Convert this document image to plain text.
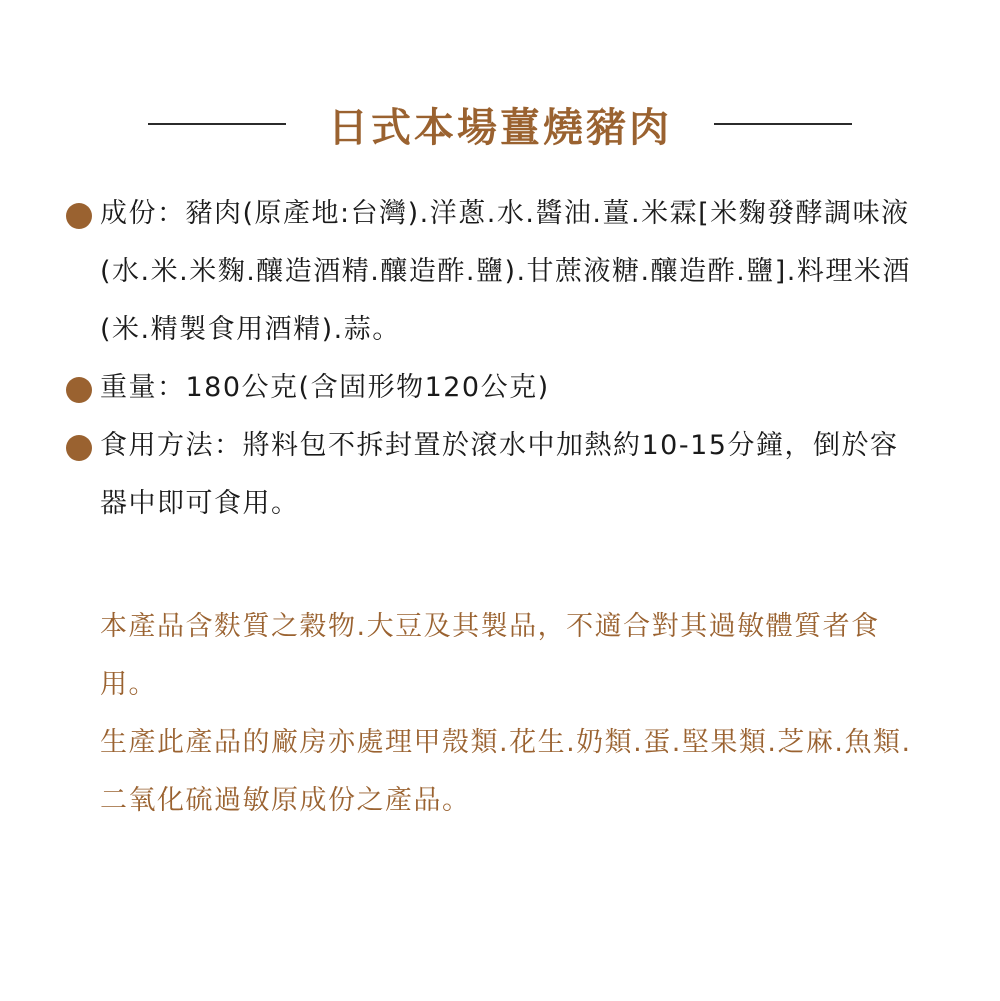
日式本場薑燒豬肉
成份：豬肉(原產地:台灣).洋蔥.水.醬油.薑.米霖[米麴發酵調味液(水.米.米麴.釀造酒精.釀造酢.鹽).甘蔗液糖.釀造酢.鹽].料理米酒(米.精製食用酒精).蒜。
重量：180公克(含固形物120公克)
食用方法：將料包不拆封置於滾水中加熱約10-15分鐘，倒於容器中即可食用。

本產品含麩質之穀物.大豆及其製品，不適合對其過敏體質者食用。

生產此產品的廠房亦處理甲殼類.花生.奶類.蛋.堅果類.芝麻.魚類.二氧化硫過敏原成份之產品。
